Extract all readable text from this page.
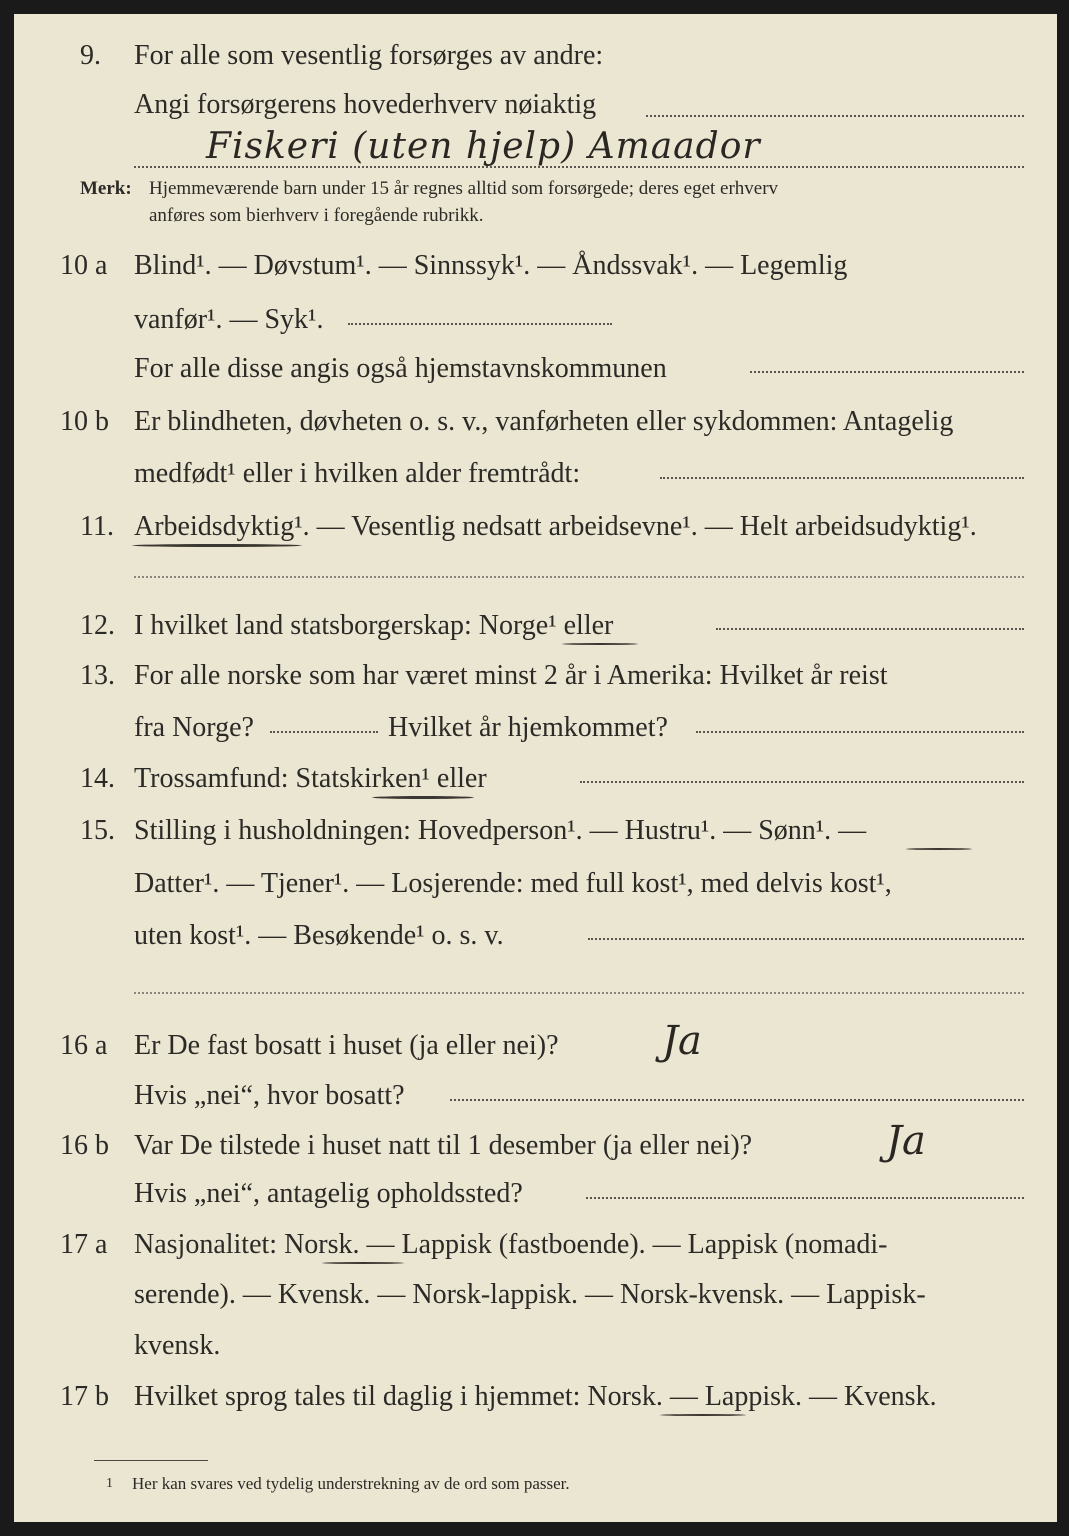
9. For alle som vesentlig forsørges av andre:
Angi forsørgerens hovederhverv nøiaktig
Fiskeri (uten hjelp) Amaador
Merk: Hjemmeværende barn under 15 år regnes alltid som forsørgede; deres eget erhverv
anføres som bierhverv i foregående rubrikk.
10 a Blind¹. — Døvstum¹. — Sinnssyk¹. — Åndssvak¹. — Legemlig
vanfør¹. — Syk¹.
For alle disse angis også hjemstavnskommunen
10 b Er blindheten, døvheten o. s. v., vanførheten eller sykdommen: Antagelig
medfødt¹ eller i hvilken alder fremtrådt:
11. Arbeidsdyktig¹. — Vesentlig nedsatt arbeidsevne¹. — Helt arbeidsudyktig¹.
12. I hvilket land statsborgerskap: Norge¹ eller
13. For alle norske som har været minst 2 år i Amerika: Hvilket år reist
fra Norge?	Hvilket år hjemkommet?
14. Trossamfund: Statskirken¹ eller
15. Stilling i husholdningen: Hovedperson¹. — Hustru¹. — Sønn¹. —
Datter¹. — Tjener¹. — Losjerende: med full kost¹, med delvis kost¹,
uten kost¹. — Besøkende¹ o. s. v.
16 a Er De fast bosatt i huset (ja eller nei)?	Ja
Hvis „nei“, hvor bosatt?
16 b Var De tilstede i huset natt til 1 desember (ja eller nei)?	Ja
Hvis „nei“, antagelig opholdssted?
17 a Nasjonalitet: Norsk. — Lappisk (fastboende). — Lappisk (nomadi-
serende). — Kvensk. — Norsk-lappisk. — Norsk-kvensk. — Lappisk-
kvensk.
17 b Hvilket sprog tales til daglig i hjemmet: Norsk. — Lappisk. — Kvensk.
1 Her kan svares ved tydelig understrekning av de ord som passer.
